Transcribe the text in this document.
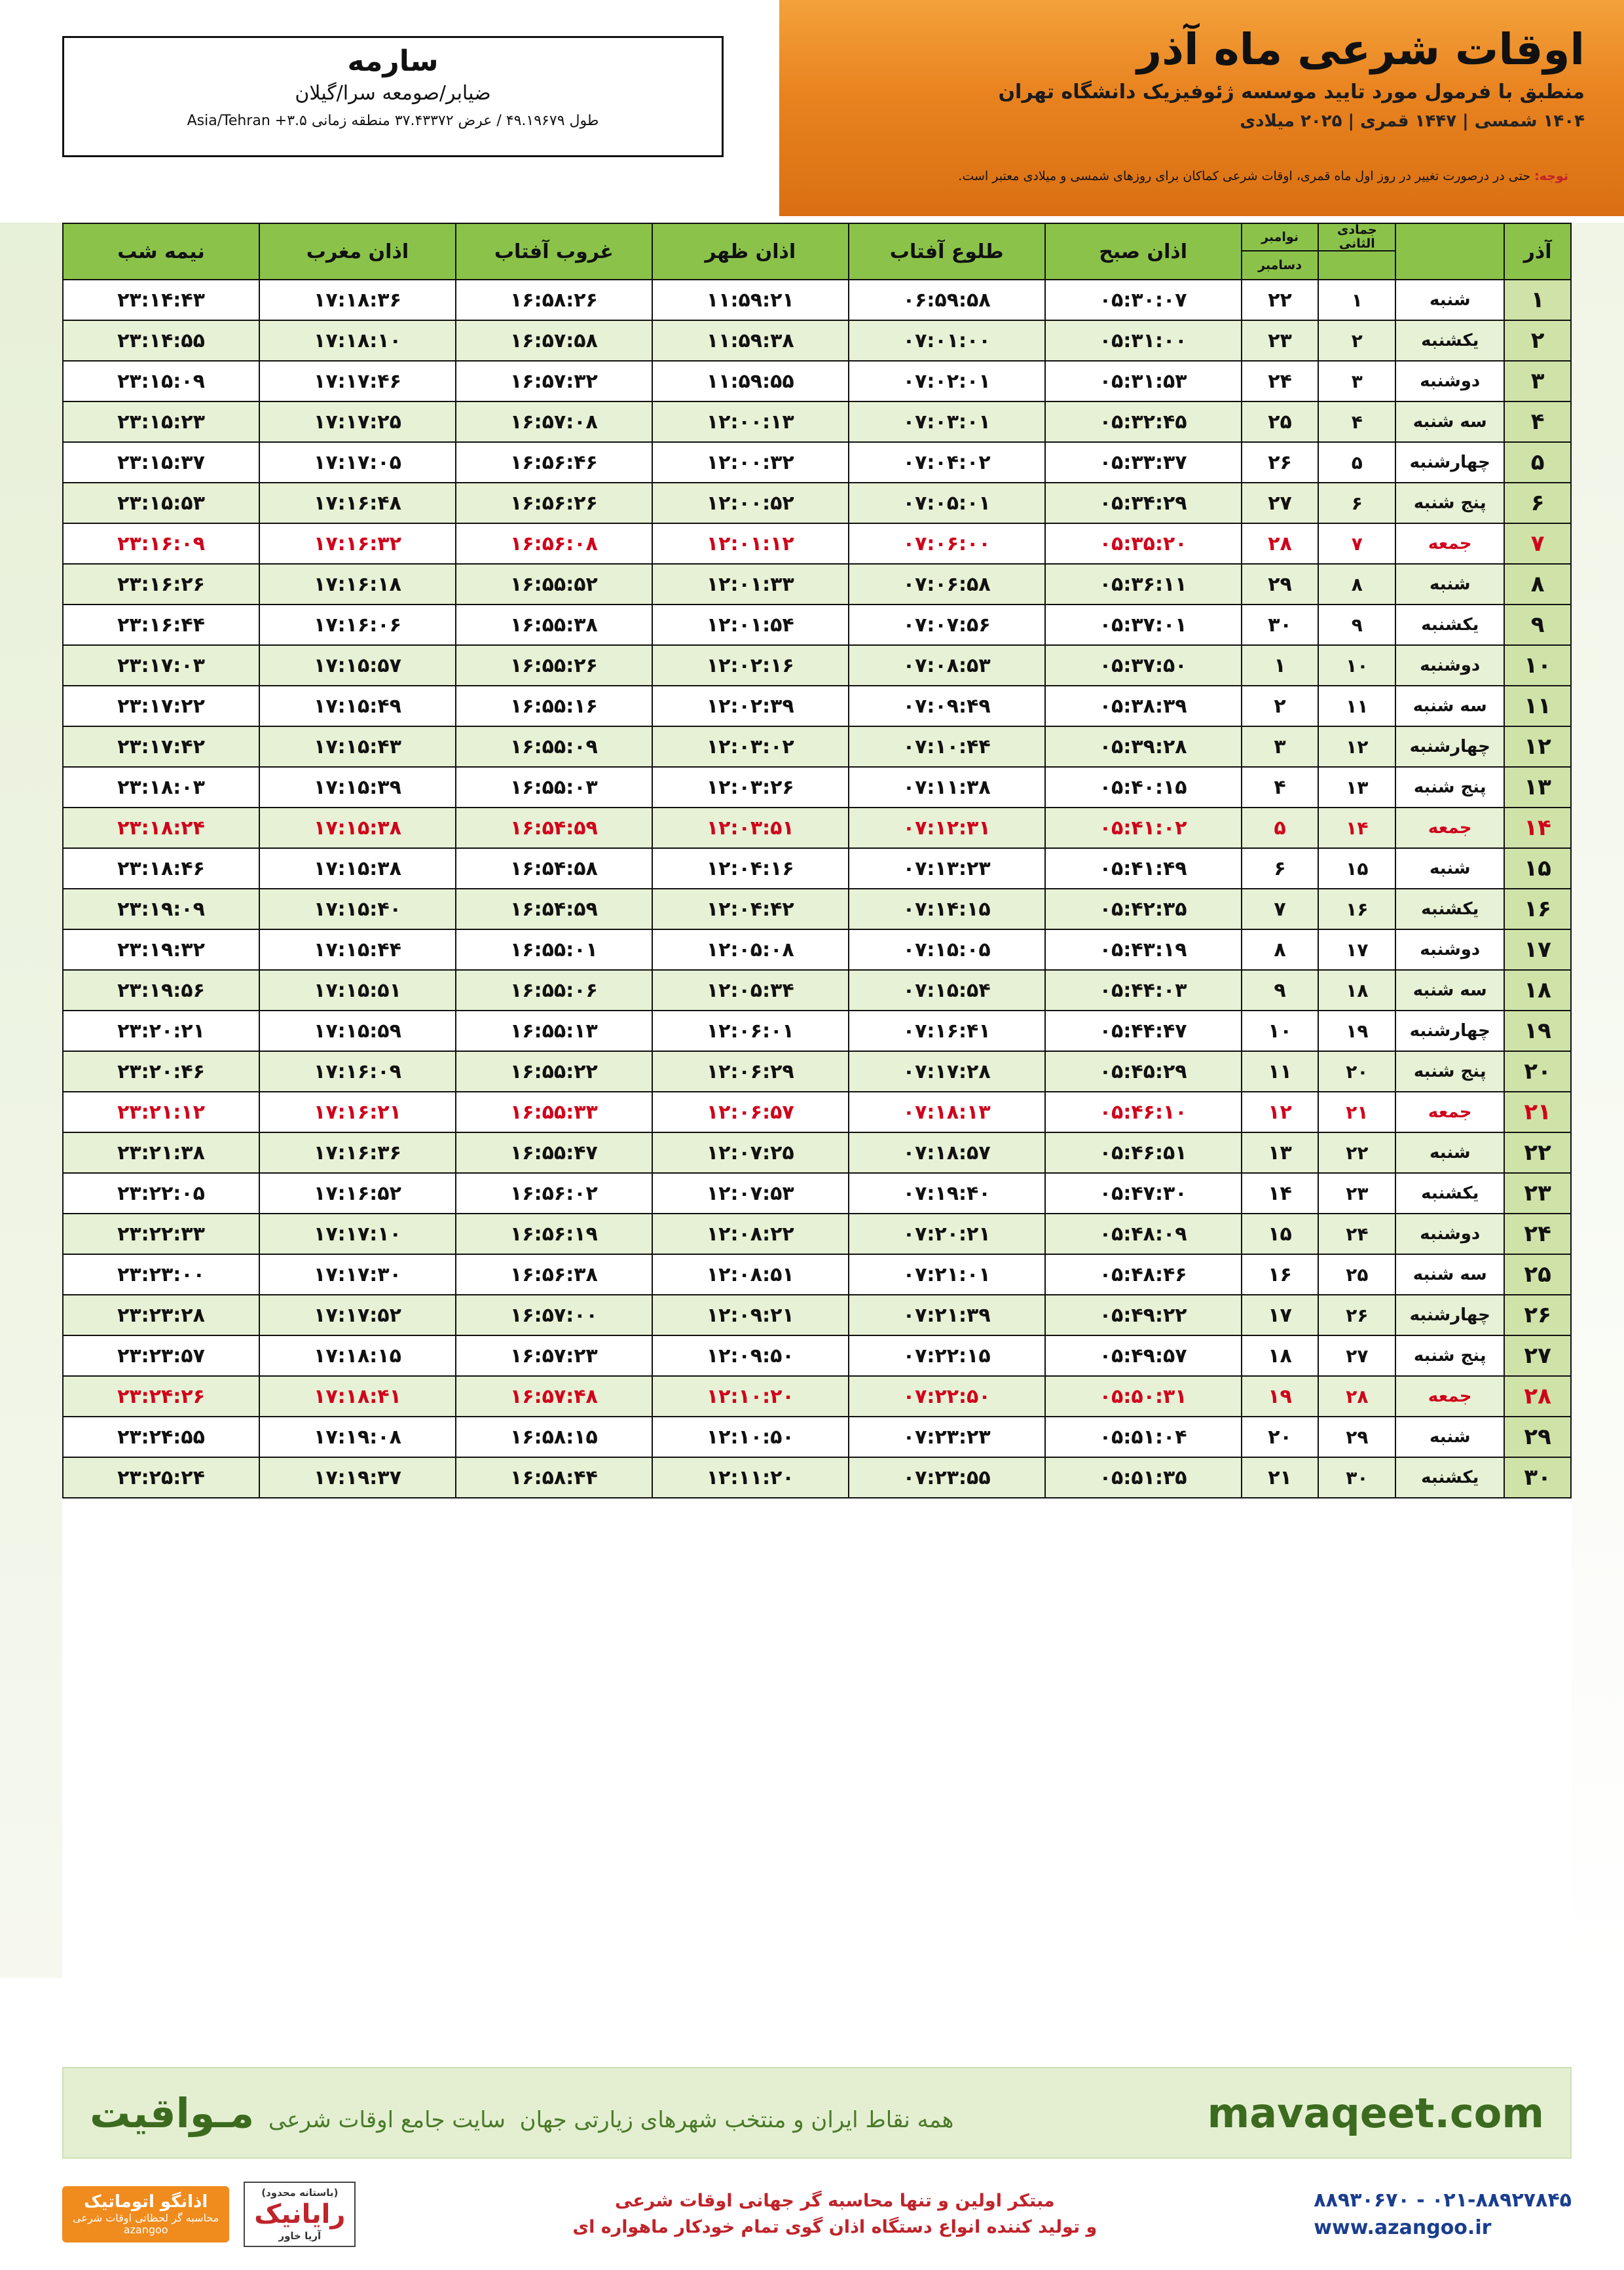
اوقات شرعی ماه آذر
منطبق با فرمول مورد تایید موسسه ژئوفیزیک دانشگاه تهران
۱۴۰۴ شمسی | ۱۴۴۷ قمری | ۲۰۲۵ میلادی
سارمه
ضیابر/صومعه سرا/گیلان
طول ۴۹.۱۹۶۷۹ / عرض ۳۷.۴۳۳۷۲ منطقه زمانی ۳.۵+ Asia/Tehran
توجه: حتی در درصورت تغییر در روز اول ماه قمری، اوقات شرعی کماکان برای روزهای شمسی و میلادی معتبر است.
آذر		جمادی الثانی	نوامبر
دسامبر	اذان صبح	طلوع آفتاب	اذان ظهر	غروب آفتاب	اذان مغرب	نیمه شب
۱	شنبه	۱	۲۲	۰۵:۳۰:۰۷	۰۶:۵۹:۵۸	۱۱:۵۹:۲۱	۱۶:۵۸:۲۶	۱۷:۱۸:۳۶	۲۳:۱۴:۴۳
۲	یکشنبه	۲	۲۳	۰۵:۳۱:۰۰	۰۷:۰۱:۰۰	۱۱:۵۹:۳۸	۱۶:۵۷:۵۸	۱۷:۱۸:۱۰	۲۳:۱۴:۵۵
۳	دوشنبه	۳	۲۴	۰۵:۳۱:۵۳	۰۷:۰۲:۰۱	۱۱:۵۹:۵۵	۱۶:۵۷:۳۲	۱۷:۱۷:۴۶	۲۳:۱۵:۰۹
۴	سه شنبه	۴	۲۵	۰۵:۳۲:۴۵	۰۷:۰۳:۰۱	۱۲:۰۰:۱۳	۱۶:۵۷:۰۸	۱۷:۱۷:۲۵	۲۳:۱۵:۲۳
۵	چهارشنبه	۵	۲۶	۰۵:۳۳:۳۷	۰۷:۰۴:۰۲	۱۲:۰۰:۳۲	۱۶:۵۶:۴۶	۱۷:۱۷:۰۵	۲۳:۱۵:۳۷
۶	پنج شنبه	۶	۲۷	۰۵:۳۴:۲۹	۰۷:۰۵:۰۱	۱۲:۰۰:۵۲	۱۶:۵۶:۲۶	۱۷:۱۶:۴۸	۲۳:۱۵:۵۳
۷	جمعه	۷	۲۸	۰۵:۳۵:۲۰	۰۷:۰۶:۰۰	۱۲:۰۱:۱۲	۱۶:۵۶:۰۸	۱۷:۱۶:۳۲	۲۳:۱۶:۰۹
۸	شنبه	۸	۲۹	۰۵:۳۶:۱۱	۰۷:۰۶:۵۸	۱۲:۰۱:۳۳	۱۶:۵۵:۵۲	۱۷:۱۶:۱۸	۲۳:۱۶:۲۶
۹	یکشنبه	۹	۳۰	۰۵:۳۷:۰۱	۰۷:۰۷:۵۶	۱۲:۰۱:۵۴	۱۶:۵۵:۳۸	۱۷:۱۶:۰۶	۲۳:۱۶:۴۴
۱۰	دوشنبه	۱۰	۱	۰۵:۳۷:۵۰	۰۷:۰۸:۵۳	۱۲:۰۲:۱۶	۱۶:۵۵:۲۶	۱۷:۱۵:۵۷	۲۳:۱۷:۰۳
۱۱	سه شنبه	۱۱	۲	۰۵:۳۸:۳۹	۰۷:۰۹:۴۹	۱۲:۰۲:۳۹	۱۶:۵۵:۱۶	۱۷:۱۵:۴۹	۲۳:۱۷:۲۲
۱۲	چهارشنبه	۱۲	۳	۰۵:۳۹:۲۸	۰۷:۱۰:۴۴	۱۲:۰۳:۰۲	۱۶:۵۵:۰۹	۱۷:۱۵:۴۳	۲۳:۱۷:۴۲
۱۳	پنج شنبه	۱۳	۴	۰۵:۴۰:۱۵	۰۷:۱۱:۳۸	۱۲:۰۳:۲۶	۱۶:۵۵:۰۳	۱۷:۱۵:۳۹	۲۳:۱۸:۰۳
۱۴	جمعه	۱۴	۵	۰۵:۴۱:۰۲	۰۷:۱۲:۳۱	۱۲:۰۳:۵۱	۱۶:۵۴:۵۹	۱۷:۱۵:۳۸	۲۳:۱۸:۲۴
۱۵	شنبه	۱۵	۶	۰۵:۴۱:۴۹	۰۷:۱۳:۲۳	۱۲:۰۴:۱۶	۱۶:۵۴:۵۸	۱۷:۱۵:۳۸	۲۳:۱۸:۴۶
۱۶	یکشنبه	۱۶	۷	۰۵:۴۲:۳۵	۰۷:۱۴:۱۵	۱۲:۰۴:۴۲	۱۶:۵۴:۵۹	۱۷:۱۵:۴۰	۲۳:۱۹:۰۹
۱۷	دوشنبه	۱۷	۸	۰۵:۴۳:۱۹	۰۷:۱۵:۰۵	۱۲:۰۵:۰۸	۱۶:۵۵:۰۱	۱۷:۱۵:۴۴	۲۳:۱۹:۳۲
۱۸	سه شنبه	۱۸	۹	۰۵:۴۴:۰۳	۰۷:۱۵:۵۴	۱۲:۰۵:۳۴	۱۶:۵۵:۰۶	۱۷:۱۵:۵۱	۲۳:۱۹:۵۶
۱۹	چهارشنبه	۱۹	۱۰	۰۵:۴۴:۴۷	۰۷:۱۶:۴۱	۱۲:۰۶:۰۱	۱۶:۵۵:۱۳	۱۷:۱۵:۵۹	۲۳:۲۰:۲۱
۲۰	پنج شنبه	۲۰	۱۱	۰۵:۴۵:۲۹	۰۷:۱۷:۲۸	۱۲:۰۶:۲۹	۱۶:۵۵:۲۲	۱۷:۱۶:۰۹	۲۳:۲۰:۴۶
۲۱	جمعه	۲۱	۱۲	۰۵:۴۶:۱۰	۰۷:۱۸:۱۳	۱۲:۰۶:۵۷	۱۶:۵۵:۳۳	۱۷:۱۶:۲۱	۲۳:۲۱:۱۲
۲۲	شنبه	۲۲	۱۳	۰۵:۴۶:۵۱	۰۷:۱۸:۵۷	۱۲:۰۷:۲۵	۱۶:۵۵:۴۷	۱۷:۱۶:۳۶	۲۳:۲۱:۳۸
۲۳	یکشنبه	۲۳	۱۴	۰۵:۴۷:۳۰	۰۷:۱۹:۴۰	۱۲:۰۷:۵۳	۱۶:۵۶:۰۲	۱۷:۱۶:۵۲	۲۳:۲۲:۰۵
۲۴	دوشنبه	۲۴	۱۵	۰۵:۴۸:۰۹	۰۷:۲۰:۲۱	۱۲:۰۸:۲۲	۱۶:۵۶:۱۹	۱۷:۱۷:۱۰	۲۳:۲۲:۳۳
۲۵	سه شنبه	۲۵	۱۶	۰۵:۴۸:۴۶	۰۷:۲۱:۰۱	۱۲:۰۸:۵۱	۱۶:۵۶:۳۸	۱۷:۱۷:۳۰	۲۳:۲۳:۰۰
۲۶	چهارشنبه	۲۶	۱۷	۰۵:۴۹:۲۲	۰۷:۲۱:۳۹	۱۲:۰۹:۲۱	۱۶:۵۷:۰۰	۱۷:۱۷:۵۲	۲۳:۲۳:۲۸
۲۷	پنج شنبه	۲۷	۱۸	۰۵:۴۹:۵۷	۰۷:۲۲:۱۵	۱۲:۰۹:۵۰	۱۶:۵۷:۲۳	۱۷:۱۸:۱۵	۲۳:۲۳:۵۷
۲۸	جمعه	۲۸	۱۹	۰۵:۵۰:۳۱	۰۷:۲۲:۵۰	۱۲:۱۰:۲۰	۱۶:۵۷:۴۸	۱۷:۱۸:۴۱	۲۳:۲۴:۲۶
۲۹	شنبه	۲۹	۲۰	۰۵:۵۱:۰۴	۰۷:۲۳:۲۳	۱۲:۱۰:۵۰	۱۶:۵۸:۱۵	۱۷:۱۹:۰۸	۲۳:۲۴:۵۵
۳۰	یکشنبه	۳۰	۲۱	۰۵:۵۱:۳۵	۰۷:۲۳:۵۵	۱۲:۱۱:۲۰	۱۶:۵۸:۴۴	۱۷:۱۹:۳۷	۲۳:۲۵:۲۴
mavaqeet.com
همه نقاط ایران و منتخب شهرهای زیارتی جهان سایت جامع اوقات شرعی مـواقیت
۰۲۱-۸۸۹۲۷۸۴۵ - ۸۸۹۳۰۶۷۰
www.azangoo.ir
مبتکر اولین و تنها محاسبه گر جهانی اوقات شرعی
و تولید کننده انواع دستگاه اذان گوی تمام خودکار ماهواره ای
(باستانه محدود)
رایانیک
آریا خاور
اذانگو اتوماتیک
محاسبه گر لحظاتی اوقات شرعی
azangoo
